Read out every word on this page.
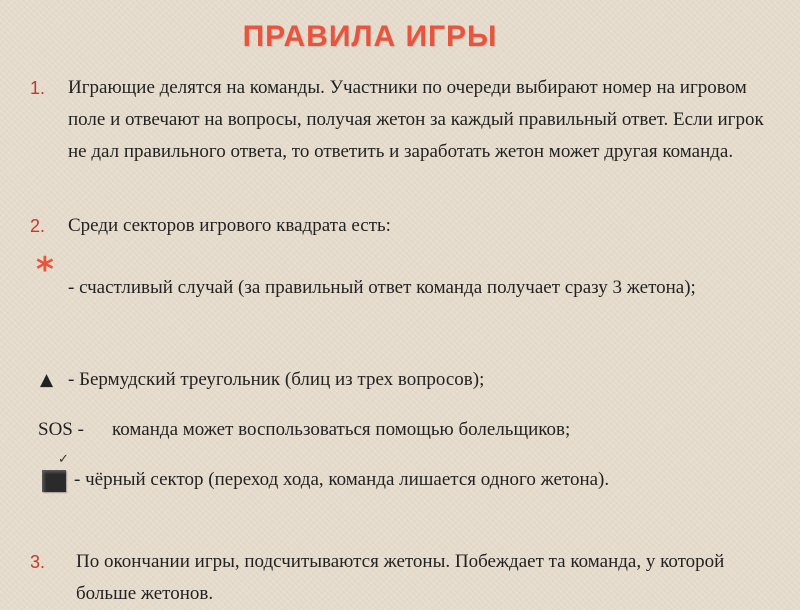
ПРАВИЛА ИГРЫ
1. Играющие делятся на команды. Участники по очереди выбирают номер на игровом поле и отвечают на вопросы, получая жетон за каждый правильный ответ. Если игрок не дал правильного ответа, то ответить и заработать жетон может другая команда.
2. Среди секторов игрового квадрата есть:
* - счастливый случай (за правильный ответ команда получает сразу 3 жетона);
▲ - Бермудский треугольник (блиц из трех вопросов);
SOS - команда может воспользоваться помощью болельщиков;
✓
- чёрный сектор (переход хода, команда лишается одного жетона).
3. По окончании игры, подсчитываются жетоны. Побеждает та команда, у которой больше жетонов.
